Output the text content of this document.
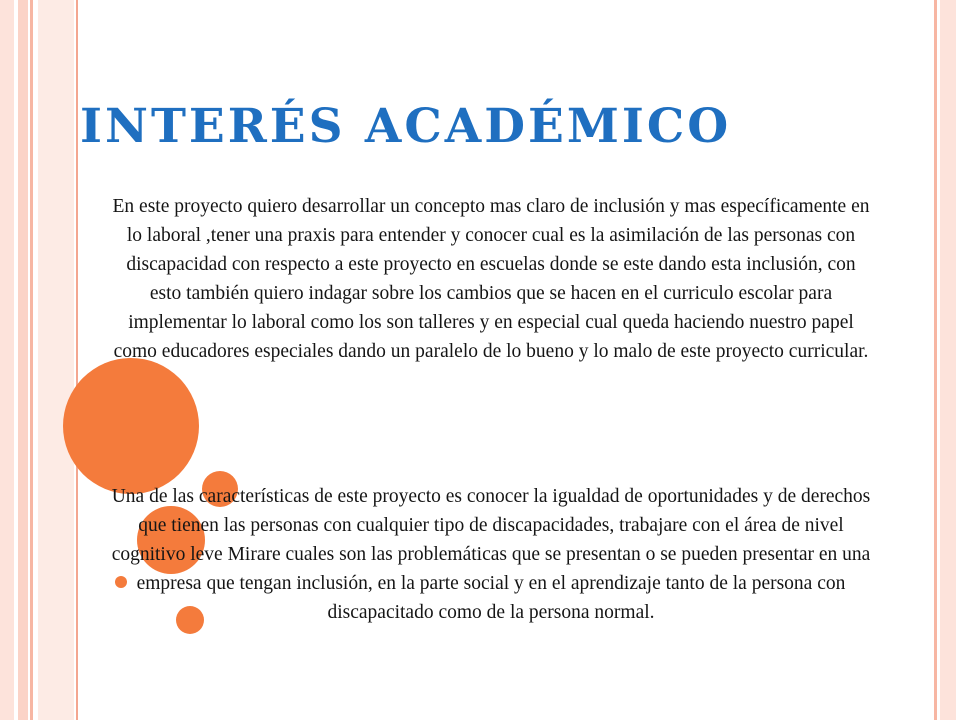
INTERÉS ACADÉMICO

En este proyecto quiero desarrollar un concepto mas claro de inclusión y mas específicamente en lo laboral ,tener una praxis para entender y conocer cual es la asimilación de las personas con discapacidad con respecto a este proyecto en escuelas donde se este dando esta inclusión, con esto también quiero indagar sobre los cambios que se hacen en el curriculo escolar para implementar lo laboral como los son talleres y en especial cual queda haciendo nuestro papel como educadores especiales dando un paralelo de lo bueno y lo malo de este proyecto curricular.

Una de las características de este proyecto es conocer la igualdad de oportunidades y de derechos que tienen las personas con cualquier tipo de discapacidades, trabajare con el área de nivel cognitivo leve Mirare cuales son las problemáticas que se presentan o se pueden presentar en una empresa que tengan inclusión, en la parte social y en el aprendizaje tanto de la persona con discapacitado como de la persona normal.
